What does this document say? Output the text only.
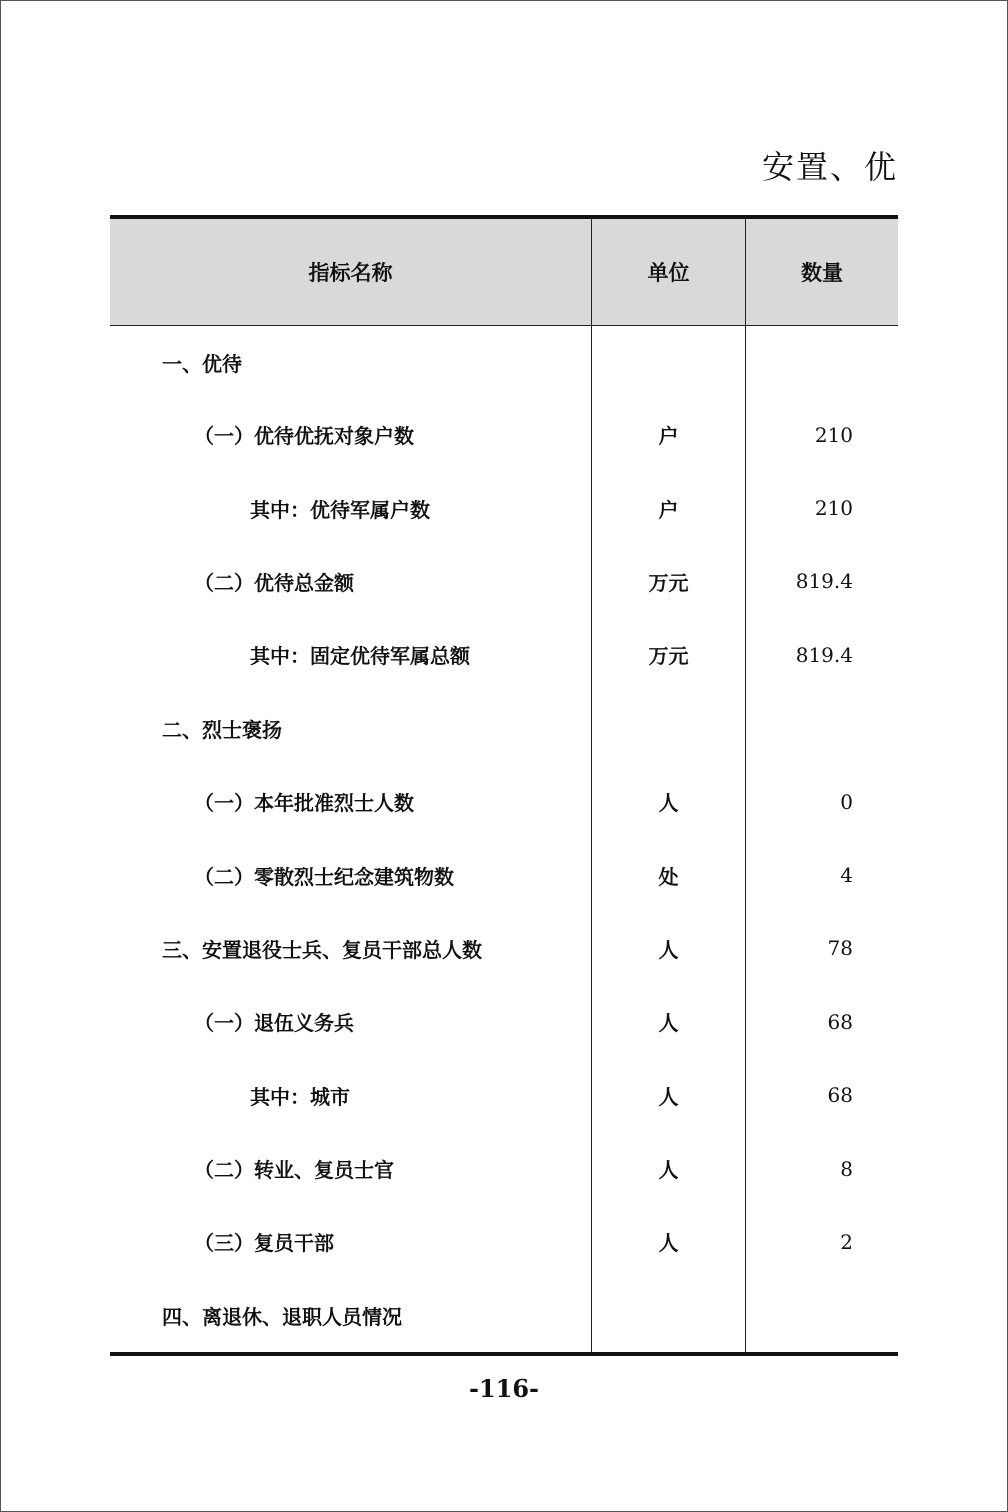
安置、优
指标名称	单位	数量
一、优待		
（一）优待优抚对象户数	户	210
其中：优待军属户数	户	210
（二）优待总金额	万元	819.4
其中：固定优待军属总额	万元	819.4
二、烈士褒扬		
（一）本年批准烈士人数	人	0
（二）零散烈士纪念建筑物数	处	4
三、安置退役士兵、复员干部总人数	人	78
（一）退伍义务兵	人	68
其中：城市	人	68
（二）转业、复员士官	人	8
（三）复员干部	人	2
四、离退休、退职人员情况		
-116-
